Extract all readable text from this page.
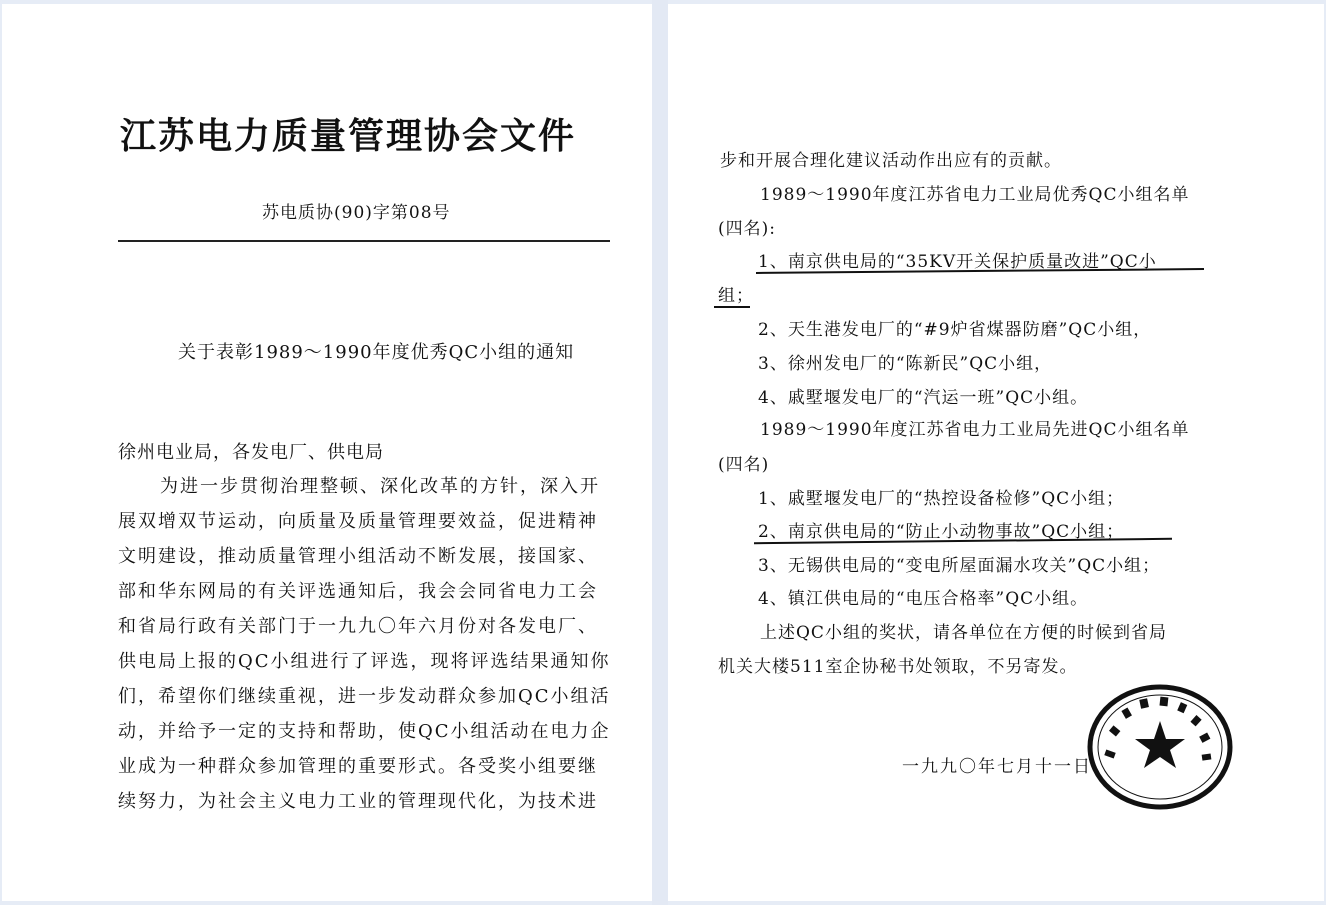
江苏电力质量管理协会文件
苏电质协(90)字第08号
关于表彰1989～1990年度优秀QC小组的通知
徐州电业局，各发电厂、供电局
为进一步贯彻治理整顿、深化改革的方针，深入开
展双增双节运动，向质量及质量管理要效益，促进精神
文明建设，推动质量管理小组活动不断发展，接国家、
部和华东网局的有关评选通知后，我会会同省电力工会
和省局行政有关部门于一九九〇年六月份对各发电厂、
供电局上报的QC小组进行了评选，现将评选结果通知你
们，希望你们继续重视，进一步发动群众参加QC小组活
动，并给予一定的支持和帮助，使QC小组活动在电力企
业成为一种群众参加管理的重要形式。各受奖小组要继
续努力，为社会主义电力工业的管理现代化，为技术进
步和开展合理化建议活动作出应有的贡献。
1989～1990年度江苏省电力工业局优秀QC小组名单
(四名):
1、南京供电局的“35KV开关保护质量改进”QC小
组；
2、天生港发电厂的“#9炉省煤器防磨”QC小组，
3、徐州发电厂的“陈新民”QC小组，
4、戚墅堰发电厂的“汽运一班”QC小组。
1989～1990年度江苏省电力工业局先进QC小组名单
(四名)
1、戚墅堰发电厂的“热控设备检修”QC小组；
2、南京供电局的“防止小动物事故”QC小组；
3、无锡供电局的“变电所屋面漏水攻关”QC小组；
4、镇江供电局的“电压合格率”QC小组。
上述QC小组的奖状，请各单位在方便的时候到省局
机关大楼511室企协秘书处领取，不另寄发。
一九九〇年七月十一日
